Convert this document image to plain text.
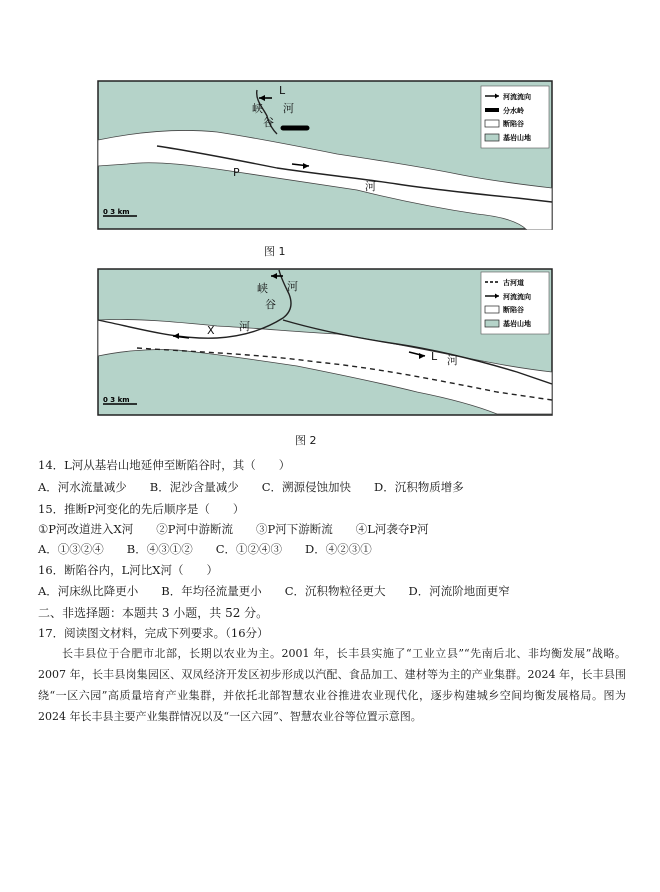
L
峡
谷
河
P
河
0 3 km
河流流向
分水岭
断陷谷
基岩山地
图 1
峡
谷
河
X 河
L 河
0 3 km
古河道
河流流向
断陷谷
基岩山地
图 2
14．L河从基岩山地延伸至断陷谷时，其（　　）
A．河水流量减少　　B．泥沙含量减少　　C．溯源侵蚀加快　　D．沉积物质增多
15．推断P河变化的先后顺序是（　　）
①P河改道进入X河　　②P河中游断流　　③P河下游断流　　④L河袭夺P河
A．①③②④　　B．④③①②　　C．①②④③　　D．④②③①
16．断陷谷内，L河比X河（　　）
A．河床纵比降更小　　B．年均径流量更小　　C．沉积物粒径更大　　D．河流阶地面更窄
二、非选择题：本题共 3 小题，共 52 分。
17．阅读图文材料，完成下列要求。（16分）
长丰县位于合肥市北部，长期以农业为主。2001 年，长丰县实施了“工业立县”“先南后北、非均衡发展”战略。2007 年，长丰县岗集园区、双凤经济开发区初步形成以汽配、食品加工、建材等为主的产业集群。2024 年，长丰县围绕“一区六园”高质量培育产业集群，并依托北部智慧农业谷推进农业现代化，逐步构建城乡空间均衡发展格局。图为 2024 年长丰县主要产业集群情况以及“一区六园”、智慧农业谷等位置示意图。
